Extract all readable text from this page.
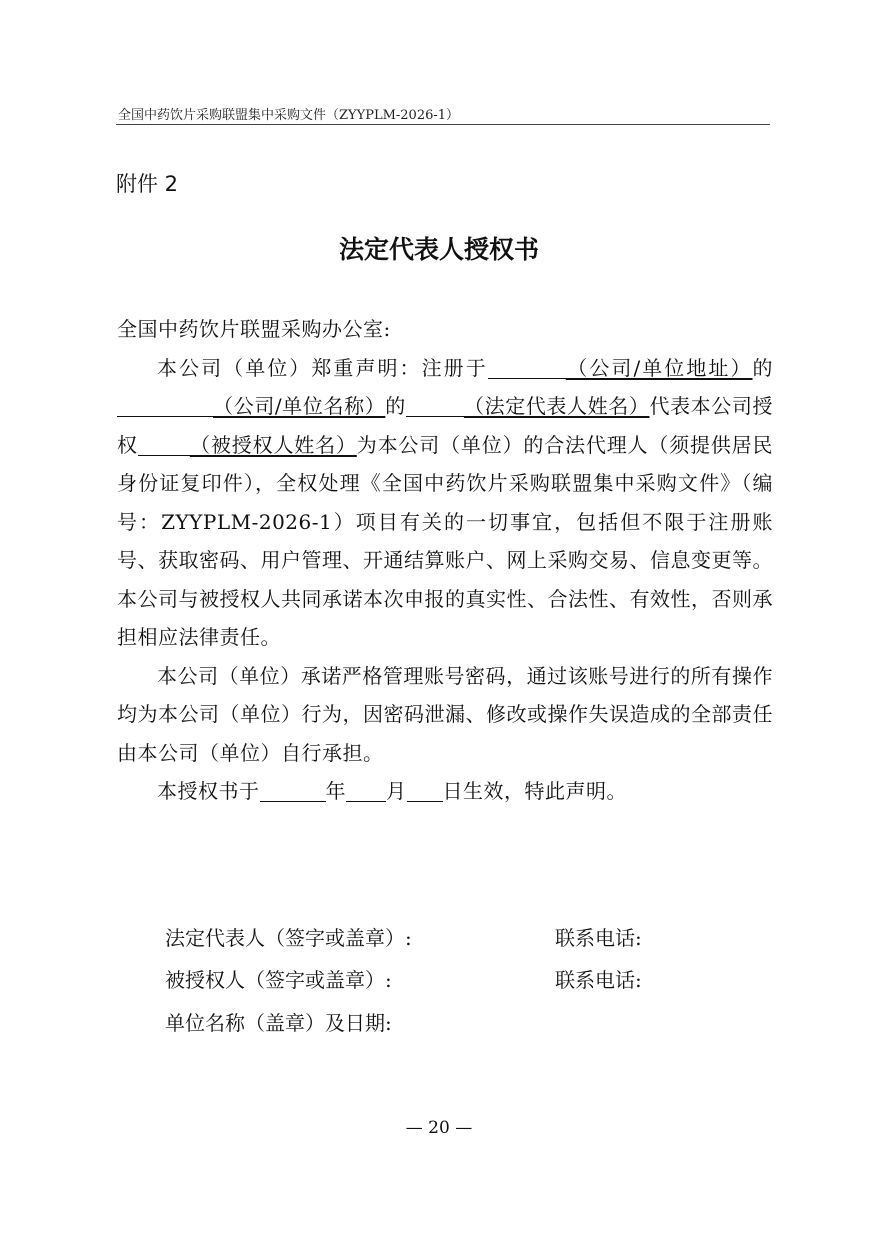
全国中药饮片采购联盟集中采购文件（ZYYPLM-2026-1）
附件 2
法定代表人授权书

全国中药饮片联盟采购办公室:

本公司（单位）郑重声明：注册于	（公司/单位地址）的（公司/单位名称）的	（法定代表人姓名）代表本公司授权	（被授权人姓名）为本公司（单位）的合法代理人（须提供居民身份证复印件），全权处理《全国中药饮片采购联盟集中采购文件》（编号：ZYYPLM-2026-1）项目有关的一切事宜，包括但不限于注册账号、获取密码、用户管理、开通结算账户、网上采购交易、信息变更等。本公司与被授权人共同承诺本次申报的真实性、合法性、有效性，否则承担相应法律责任。

本公司（单位）承诺严格管理账号密码，通过该账号进行的所有操作均为本公司（单位）行为，因密码泄漏、修改或操作失误造成的全部责任由本公司（单位）自行承担。

本授权书于	年 月 日生效，特此声明。

法定代表人（签字或盖章）:	联系电话:
被授权人（签字或盖章）:	联系电话:
单位名称（盖章）及日期:
— 20 —
